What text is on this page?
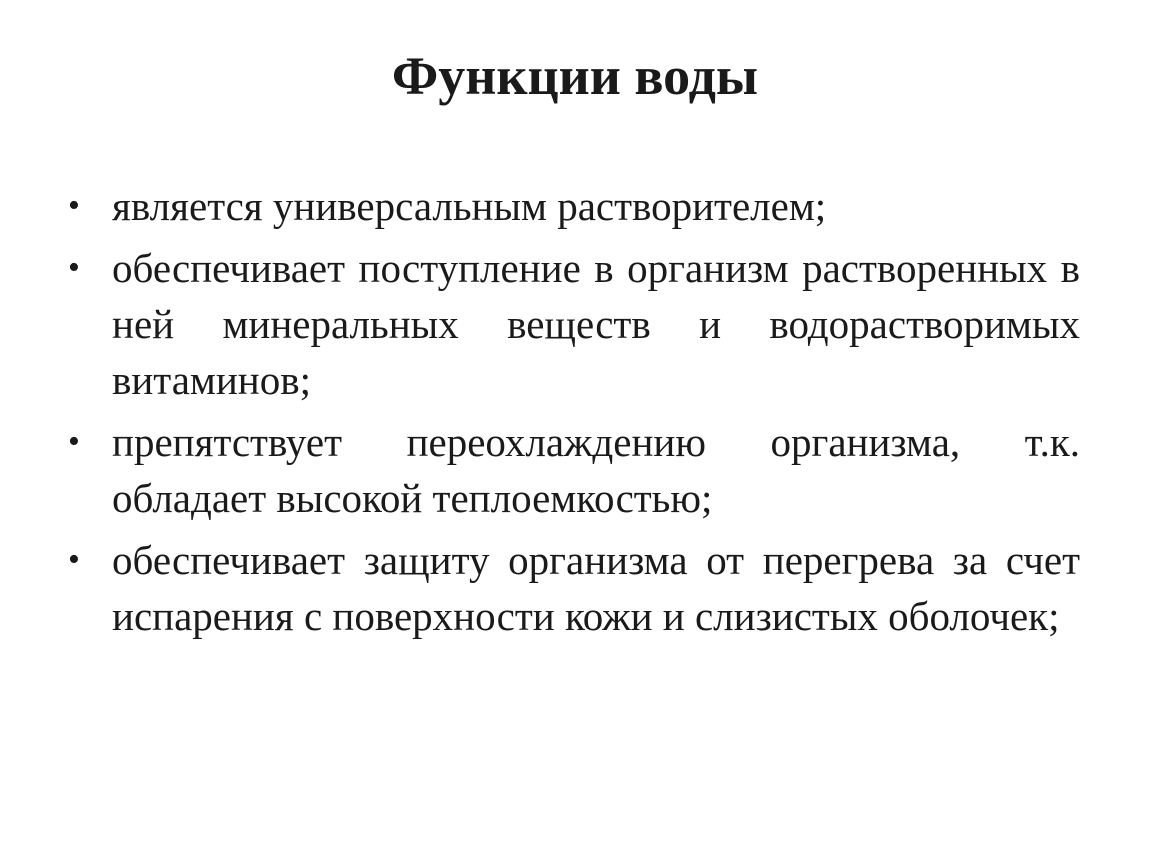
Функции воды
• является универсальным растворителем;
• обеспечивает поступление в организм растворенных в ней минеральных веществ и водорастворимых витаминов;
• препятствует переохлаждению организма, т.к. обладает высокой теплоемкостью;
• обеспечивает защиту организма от перегрева за счет испарения с поверхности кожи и слизистых оболочек;
